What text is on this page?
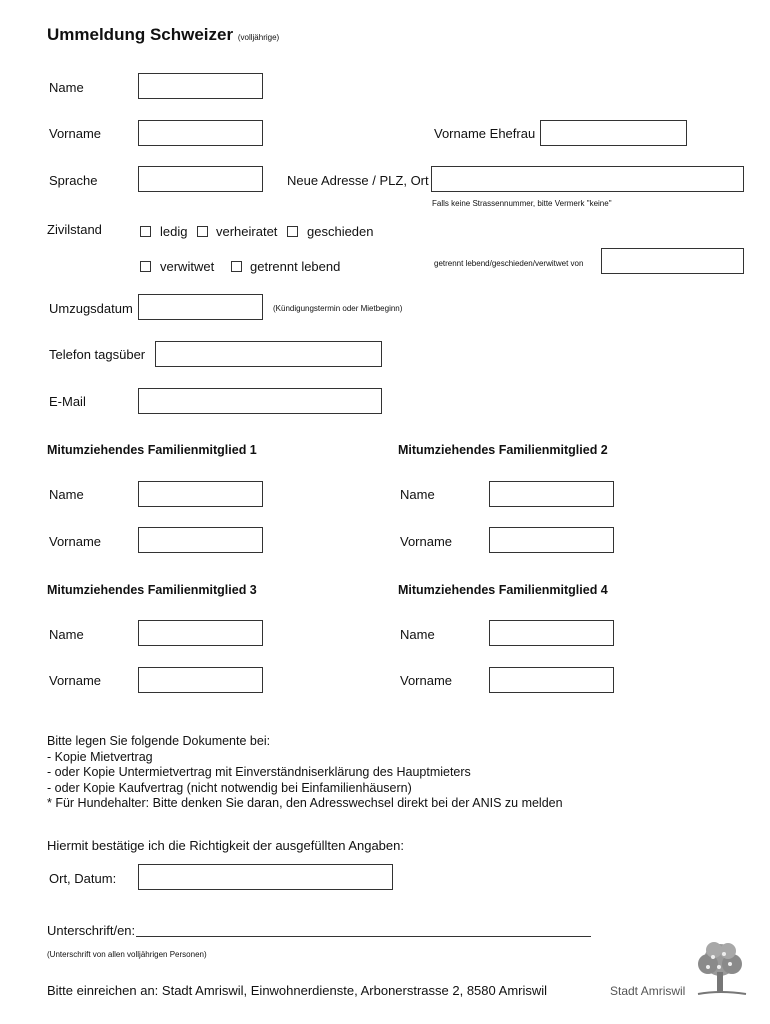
Ummeldung Schweizer (volljährige)
Name
Vorname	Vorname Ehefrau
Sprache	Neue Adresse / PLZ, Ort
Falls keine Strassennummer, bitte Vermerk "keine"
Zivilstand	ledig verheiratet geschieden
verwitwet	getrennt lebend	getrennt lebend/geschieden/verwitwet von
Umzugsdatum	(Kündigungstermin oder Mietbeginn)
Telefon tagsüber
E-Mail
Mitumziehendes Familienmitglied 1
Name
Vorname
Mitumziehendes Familienmitglied 2
Name
Vorname
Mitumziehendes Familienmitglied 3
Name
Vorname
Mitumziehendes Familienmitglied 4
Name
Vorname
Bitte legen Sie folgende Dokumente bei:
- Kopie Mietvertrag
- oder Kopie Untermietvertrag mit Einverständniserklärung des Hauptmieters
- oder Kopie Kaufvertrag (nicht notwendig bei Einfamilienhäusern)
* Für Hundehalter: Bitte denken Sie daran, den Adresswechsel direkt bei der ANIS zu melden
Hiermit bestätige ich die Richtigkeit der ausgefüllten Angaben:
Ort, Datum:
Unterschrift/en:
(Unterschrift von allen volljährigen Personen)
Bitte einreichen an: Stadt Amriswil, Einwohnerdienste, Arbonerstrasse 2, 8580 Amriswil	Stadt Amriswil
